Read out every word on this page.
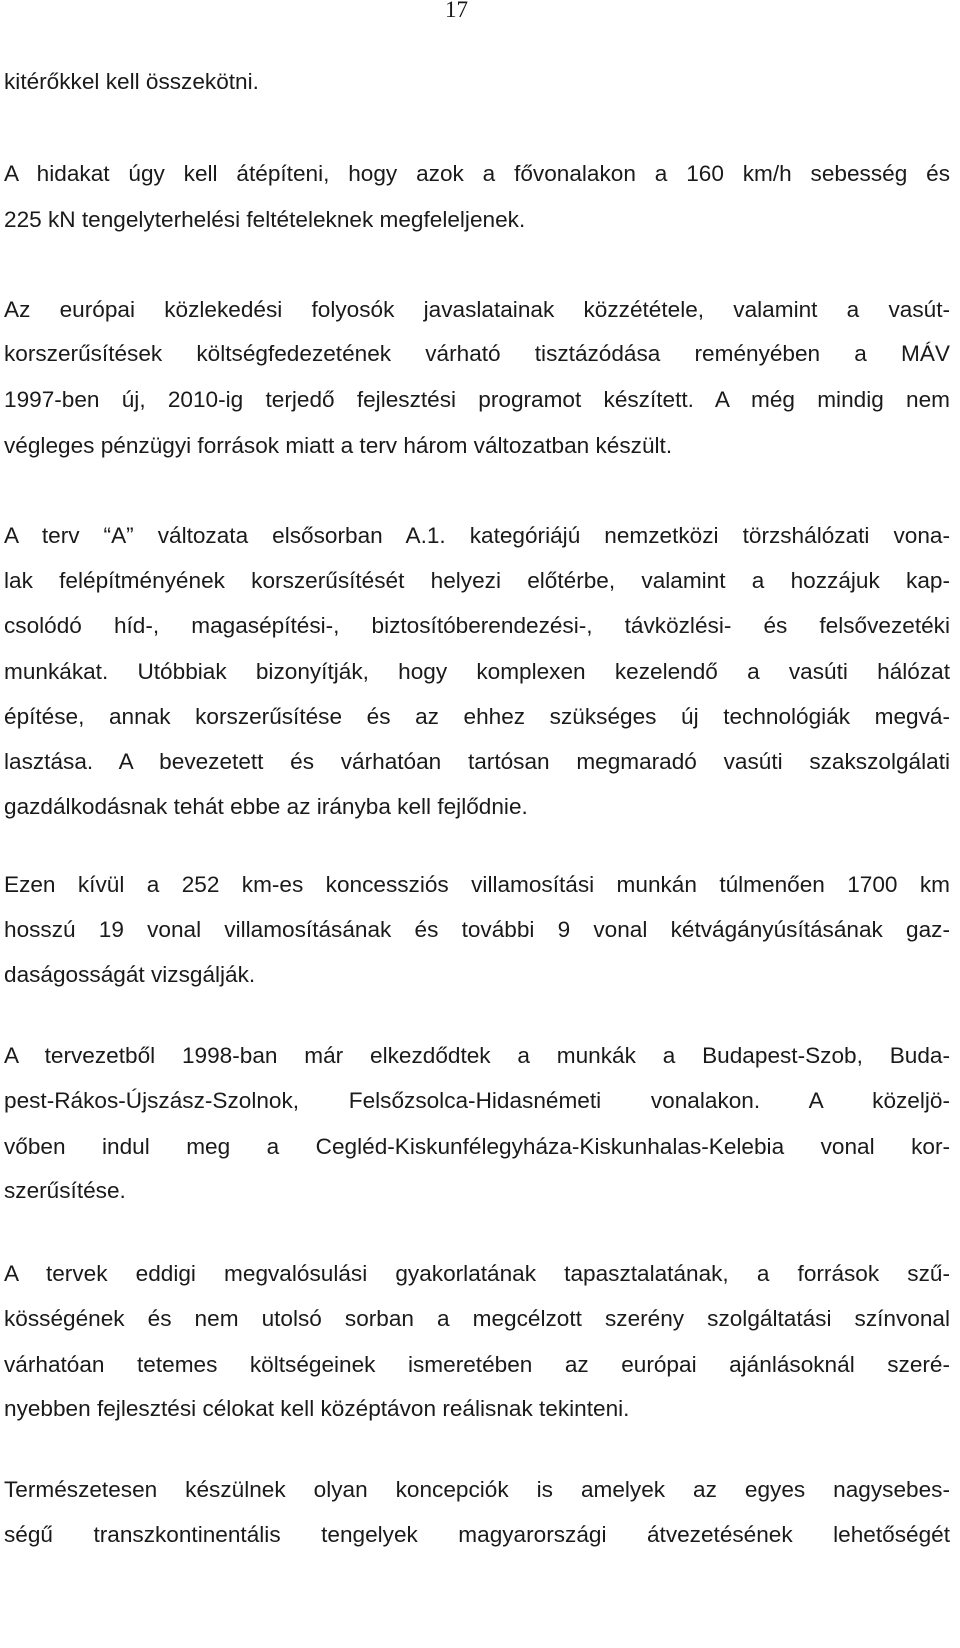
17
kitérőkkel kell összekötni.
A hidakat úgy kell átépíteni, hogy azok a fővonalakon a 160 km/h sebesség és
225 kN tengelyterhelési feltételeknek megfeleljenek.
Az európai közlekedési folyosók javaslatainak közzététele, valamint a vasút-
korszerűsítések költségfedezetének várható tisztázódása reményében a MÁV
1997-ben új, 2010-ig terjedő fejlesztési programot készített. A még mindig nem
végleges pénzügyi források miatt a terv három változatban készült.
A terv “A” változata elsősorban A.1. kategóriájú nemzetközi törzshálózati vona-
lak felépítményének korszerűsítését helyezi előtérbe, valamint a hozzájuk kap-
csolódó híd-, magasépítési-, biztosítóberendezési-, távközlési- és felsővezetéki
munkákat. Utóbbiak bizonyítják, hogy komplexen kezelendő a vasúti hálózat
építése, annak korszerűsítése és az ehhez szükséges új technológiák megvá-
lasztása. A bevezetett és várhatóan tartósan megmaradó vasúti szakszolgálati
gazdálkodásnak tehát ebbe az irányba kell fejlődnie.
Ezen kívül a 252 km-es koncessziós villamosítási munkán túlmenően 1700 km
hosszú 19 vonal villamosításának és további 9 vonal kétvágányúsításának gaz-
daságosságát vizsgálják.
A tervezetből 1998-ban már elkezdődtek a munkák a Budapest-Szob, Buda-
pest-Rákos-Újszász-Szolnok, Felsőzsolca-Hidasnémeti vonalakon. A közeljö-
vőben indul meg a Cegléd-Kiskunfélegyháza-Kiskunhalas-Kelebia vonal kor-
szerűsítése.
A tervek eddigi megvalósulási gyakorlatának tapasztalatának, a források szű-
kösségének és nem utolsó sorban a megcélzott szerény szolgáltatási színvonal
várhatóan tetemes költségeinek ismeretében az európai ajánlásoknál szeré-
nyebben fejlesztési célokat kell középtávon reálisnak tekinteni.
Természetesen készülnek olyan koncepciók is amelyek az egyes nagysebes-
ségű transzkontinentális tengelyek magyarországi átvezetésének lehetőségét
